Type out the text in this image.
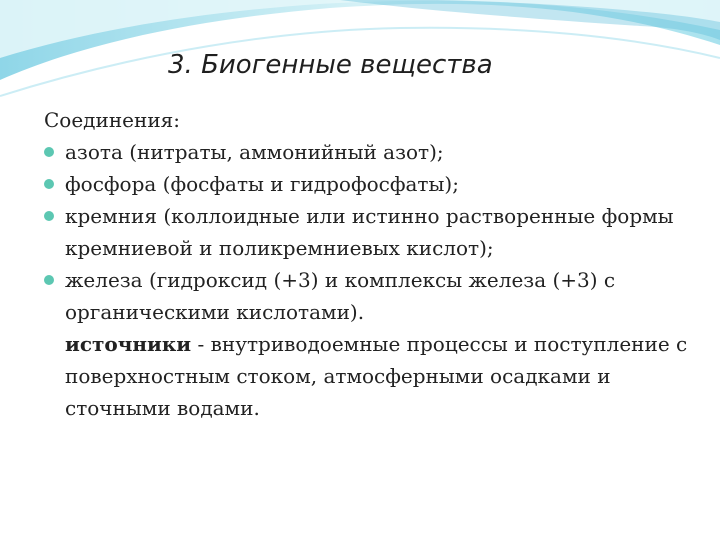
3. Биогенные вещества

Соединения:

азота (нитраты, аммонийный азот);
фосфора (фосфаты и гидрофосфаты);
кремния (коллоидные или истинно растворенные формы кремниевой и поликремниевых кислот);
железа (гидроксид (+3) и комплексы железа (+3) с органическими кислотами).

источники - внутриводоемные процессы и поступление с поверхностным стоком, атмосферными осадками и сточными водами.
